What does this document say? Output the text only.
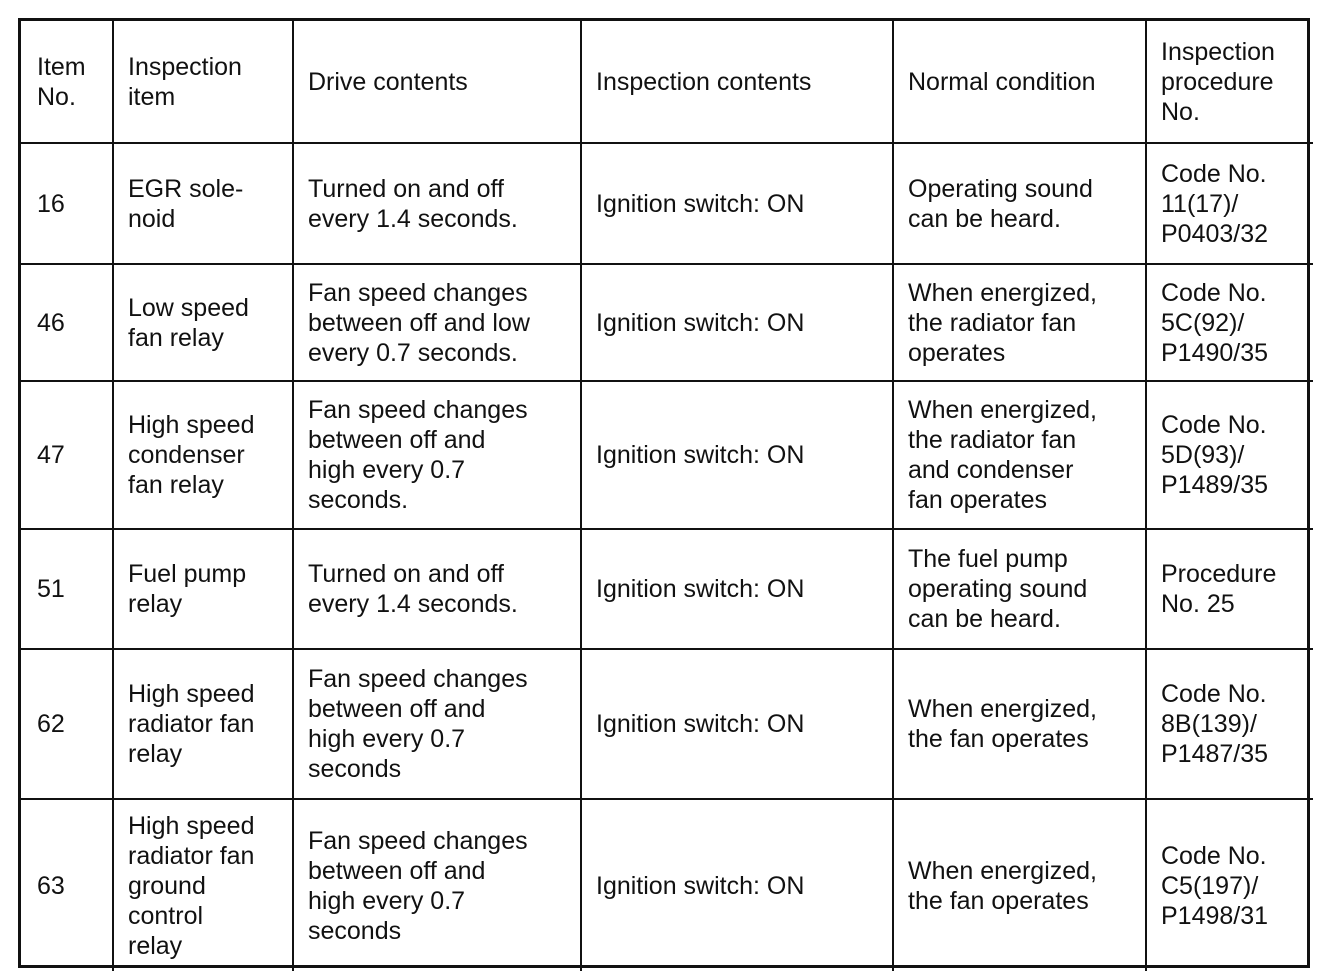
Item
No.	Inspection
item	Drive contents	Inspection contents	Normal condition	Inspection
procedure
No.
16	EGR sole-
noid	Turned on and off
every 1.4 seconds.	Ignition switch: ON	Operating sound
can be heard.	Code No.
11(17)/
P0403/32
46	Low speed
fan relay	Fan speed changes
between off and low
every 0.7 seconds.	Ignition switch: ON	When energized,
the radiator fan
operates	Code No.
5C(92)/
P1490/35
47	High speed
condenser
fan relay	Fan speed changes
between off and
high every 0.7
seconds.	Ignition switch: ON	When energized,
the radiator fan
and condenser
fan operates	Code No.
5D(93)/
P1489/35
51	Fuel pump
relay	Turned on and off
every 1.4 seconds.	Ignition switch: ON	The fuel pump
operating sound
can be heard.	Procedure
No. 25
62	High speed
radiator fan
relay	Fan speed changes
between off and
high every 0.7
seconds	Ignition switch: ON	When energized,
the fan operates	Code No.
8B(139)/
P1487/35
63	High speed
radiator fan
ground
control
relay	Fan speed changes
between off and
high every 0.7
seconds	Ignition switch: ON	When energized,
the fan operates	Code No.
C5(197)/
P1498/31
